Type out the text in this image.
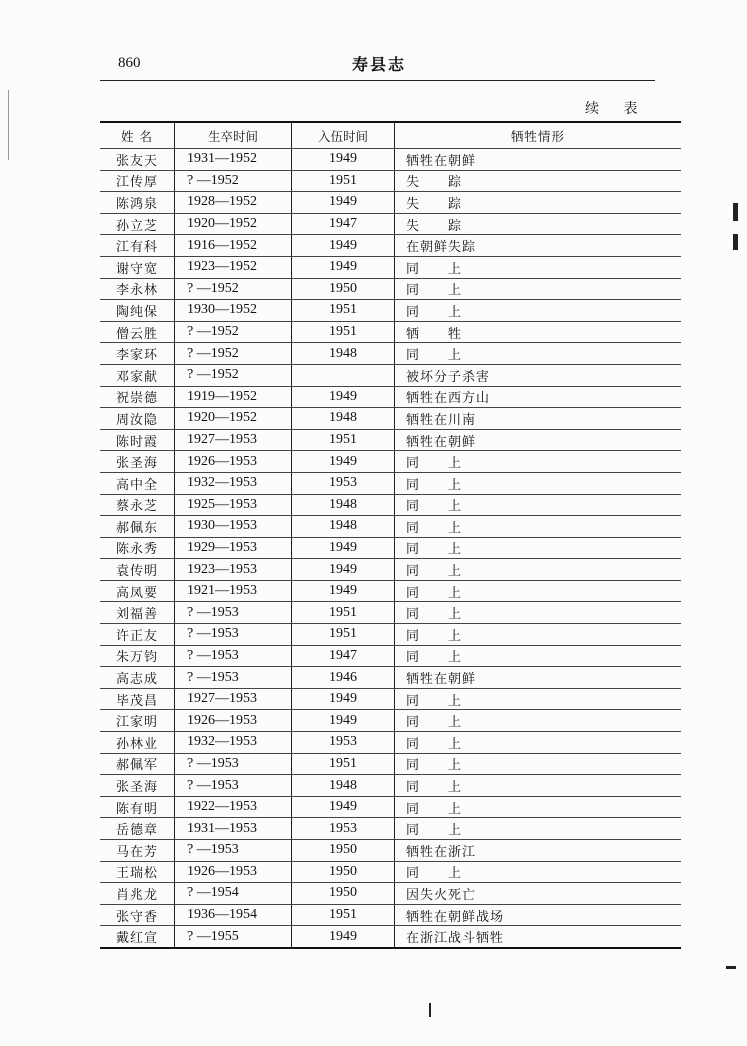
860	寿县志
续 表
姓 名	生卒时间	入伍时间	牺牲情形
张友天	1931—1952	1949	牺牲在朝鲜
江传厚	? —1952	1951	失　　踪
陈鸿泉	1928—1952	1949	失　　踪
孙立芝	1920—1952	1947	失　　踪
江有科	1916—1952	1949	在朝鲜失踪
谢守宽	1923—1952	1949	同　　上
李永林	? —1952	1950	同　　上
陶纯保	1930—1952	1951	同　　上
僧云胜	? —1952	1951	牺　　牲
李家环	? —1952	1948	同　　上
邓家献	? —1952		被坏分子杀害
祝崇德	1919—1952	1949	牺牲在西方山
周汝隐	1920—1952	1948	牺牲在川南
陈时霞	1927—1953	1951	牺牲在朝鲜
张圣海	1926—1953	1949	同　　上
高中全	1932—1953	1953	同　　上
蔡永芝	1925—1953	1948	同　　上
郝佩东	1930—1953	1948	同　　上
陈永秀	1929—1953	1949	同　　上
袁传明	1923—1953	1949	同　　上
高凤要	1921—1953	1949	同　　上
刘福善	? —1953	1951	同　　上
许正友	? —1953	1951	同　　上
朱万钧	? —1953	1947	同　　上
高志成	? —1953	1946	牺牲在朝鲜
毕茂昌	1927—1953	1949	同　　上
江家明	1926—1953	1949	同　　上
孙林业	1932—1953	1953	同　　上
郝佩军	? —1953	1951	同　　上
张圣海	? —1953	1948	同　　上
陈有明	1922—1953	1949	同　　上
岳德章	1931—1953	1953	同　　上
马在芳	? —1953	1950	牺牲在浙江
王瑞松	1926—1953	1950	同　　上
肖兆龙	? —1954	1950	因失火死亡
张守香	1936—1954	1951	牺牲在朝鲜战场
戴红宣	? —1955	1949	在浙江战斗牺牲
